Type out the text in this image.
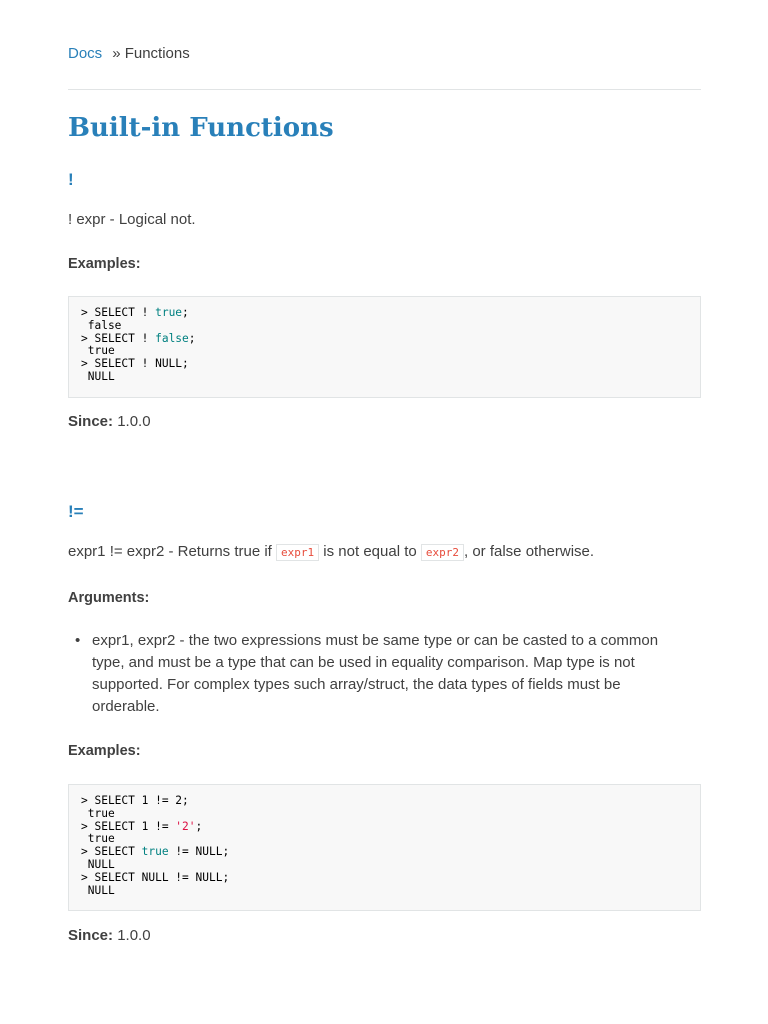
Docs » Functions
Built-in Functions
!

! expr - Logical not.

Examples:

> SELECT ! true;
false
> SELECT ! false;
true
> SELECT ! NULL;
NULL

Since: 1.0.0

!=

expr1 != expr2 - Returns true if expr1 is not equal to expr2 , or false otherwise.

Arguments:

• expr1, expr2 - the two expressions must be same type or can be casted to a common type, and must be a type that can be used in equality comparison. Map type is not supported. For complex types such array/struct, the data types of fields must be orderable.

Examples:

> SELECT 1 != 2;
true
> SELECT 1 != '2';
true
> SELECT true != NULL;
NULL
> SELECT NULL != NULL;
NULL

Since: 1.0.0
